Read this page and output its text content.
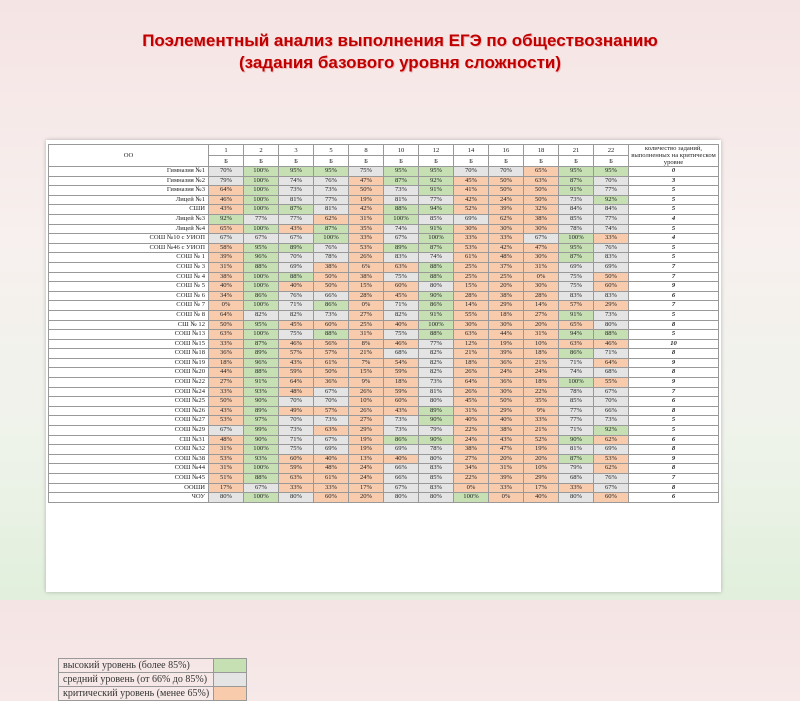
Поэлементный анализ выполнения ЕГЭ по обществознанию
(задания базового уровня сложности)
ОО	1	2	3	5	8	10	12	14	16	18	21	22	количество заданий, выполненных на критическом уровне
	Б	Б	Б	Б	Б	Б	Б	Б	Б	Б	Б	Б	
Гимназия №1	70%	100%	95%	95%	75%	95%	95%	70%	70%	65%	95%	95%	0
Гимназия №2	79%	100%	74%	76%	47%	87%	92%	45%	50%	63%	87%	70%	3
Гимназия №3	64%	100%	73%	73%	50%	73%	91%	41%	50%	50%	91%	77%	5
Лицей №1	46%	100%	81%	77%	19%	81%	77%	42%	24%	50%	73%	92%	5
СШИ	43%	100%	87%	81%	42%	88%	94%	52%	39%	32%	84%	84%	5
Лицей №3	92%	77%	77%	62%	31%	100%	85%	69%	62%	38%	85%	77%	4
Лицей №4	65%	100%	43%	87%	35%	74%	91%	30%	30%	30%	78%	74%	5
СОШ №10 с УИОП	67%	67%	67%	100%	33%	67%	100%	33%	33%	67%	100%	33%	4
СОШ №46 с УИОП	58%	95%	89%	76%	53%	89%	87%	53%	42%	47%	95%	76%	5
СОШ № 1	39%	96%	70%	78%	26%	83%	74%	61%	48%	30%	87%	83%	5
СОШ № 3	31%	88%	69%	38%	6%	63%	88%	25%	37%	31%	69%	69%	7
СОШ № 4	38%	100%	88%	50%	38%	75%	88%	25%	25%	0%	75%	50%	7
СОШ № 5	40%	100%	40%	50%	15%	60%	80%	15%	20%	30%	75%	60%	9
СОШ № 6	34%	86%	76%	66%	28%	45%	90%	28%	38%	28%	83%	83%	6
СОШ № 7	0%	100%	71%	86%	0%	71%	86%	14%	29%	14%	57%	29%	7
СОШ № 8	64%	82%	82%	73%	27%	82%	91%	55%	18%	27%	91%	73%	5
СШ № 12	50%	95%	45%	60%	25%	40%	100%	30%	30%	20%	65%	80%	8
СОШ №13	63%	100%	75%	88%	31%	75%	88%	63%	44%	31%	94%	88%	5
СОШ №15	33%	87%	46%	56%	8%	46%	77%	12%	19%	10%	63%	46%	10
СОШ №18	36%	89%	57%	57%	21%	68%	82%	21%	39%	18%	86%	71%	8
СОШ №19	18%	96%	43%	61%	7%	54%	82%	18%	36%	21%	71%	64%	9
СОШ №20	44%	88%	59%	50%	15%	59%	82%	26%	24%	24%	74%	68%	8
СОШ №22	27%	91%	64%	36%	9%	18%	73%	64%	36%	18%	100%	55%	9
СОШ №24	33%	93%	48%	67%	26%	59%	81%	26%	30%	22%	78%	67%	7
СОШ №25	50%	90%	70%	70%	10%	60%	80%	45%	50%	35%	85%	70%	6
СОШ №26	43%	89%	49%	57%	26%	43%	89%	31%	29%	9%	77%	66%	8
СОШ №27	53%	97%	70%	73%	27%	73%	90%	40%	40%	33%	77%	73%	5
СОШ №29	67%	99%	73%	63%	29%	73%	79%	22%	38%	21%	71%	92%	5
СШ №31	48%	90%	71%	67%	19%	86%	90%	24%	43%	52%	90%	62%	6
СОШ №32	31%	100%	75%	69%	19%	69%	78%	38%	47%	19%	81%	69%	8
СОШ №38	53%	93%	60%	40%	13%	40%	80%	27%	20%	20%	87%	53%	9
СОШ №44	31%	100%	59%	48%	24%	66%	83%	34%	31%	10%	79%	62%	8
СОШ №45	51%	88%	63%	61%	24%	66%	85%	22%	39%	29%	68%	76%	7
ООШИ	17%	67%	33%	33%	17%	67%	83%	0%	33%	17%	33%	67%	8
ЧОУ	80%	100%	80%	60%	20%	80%	80%	100%	0%	40%	80%	60%	6
высокий уровень (более 85%)	
средний уровень (от 66% до 85%)	
критический уровень (менее 65%)	
